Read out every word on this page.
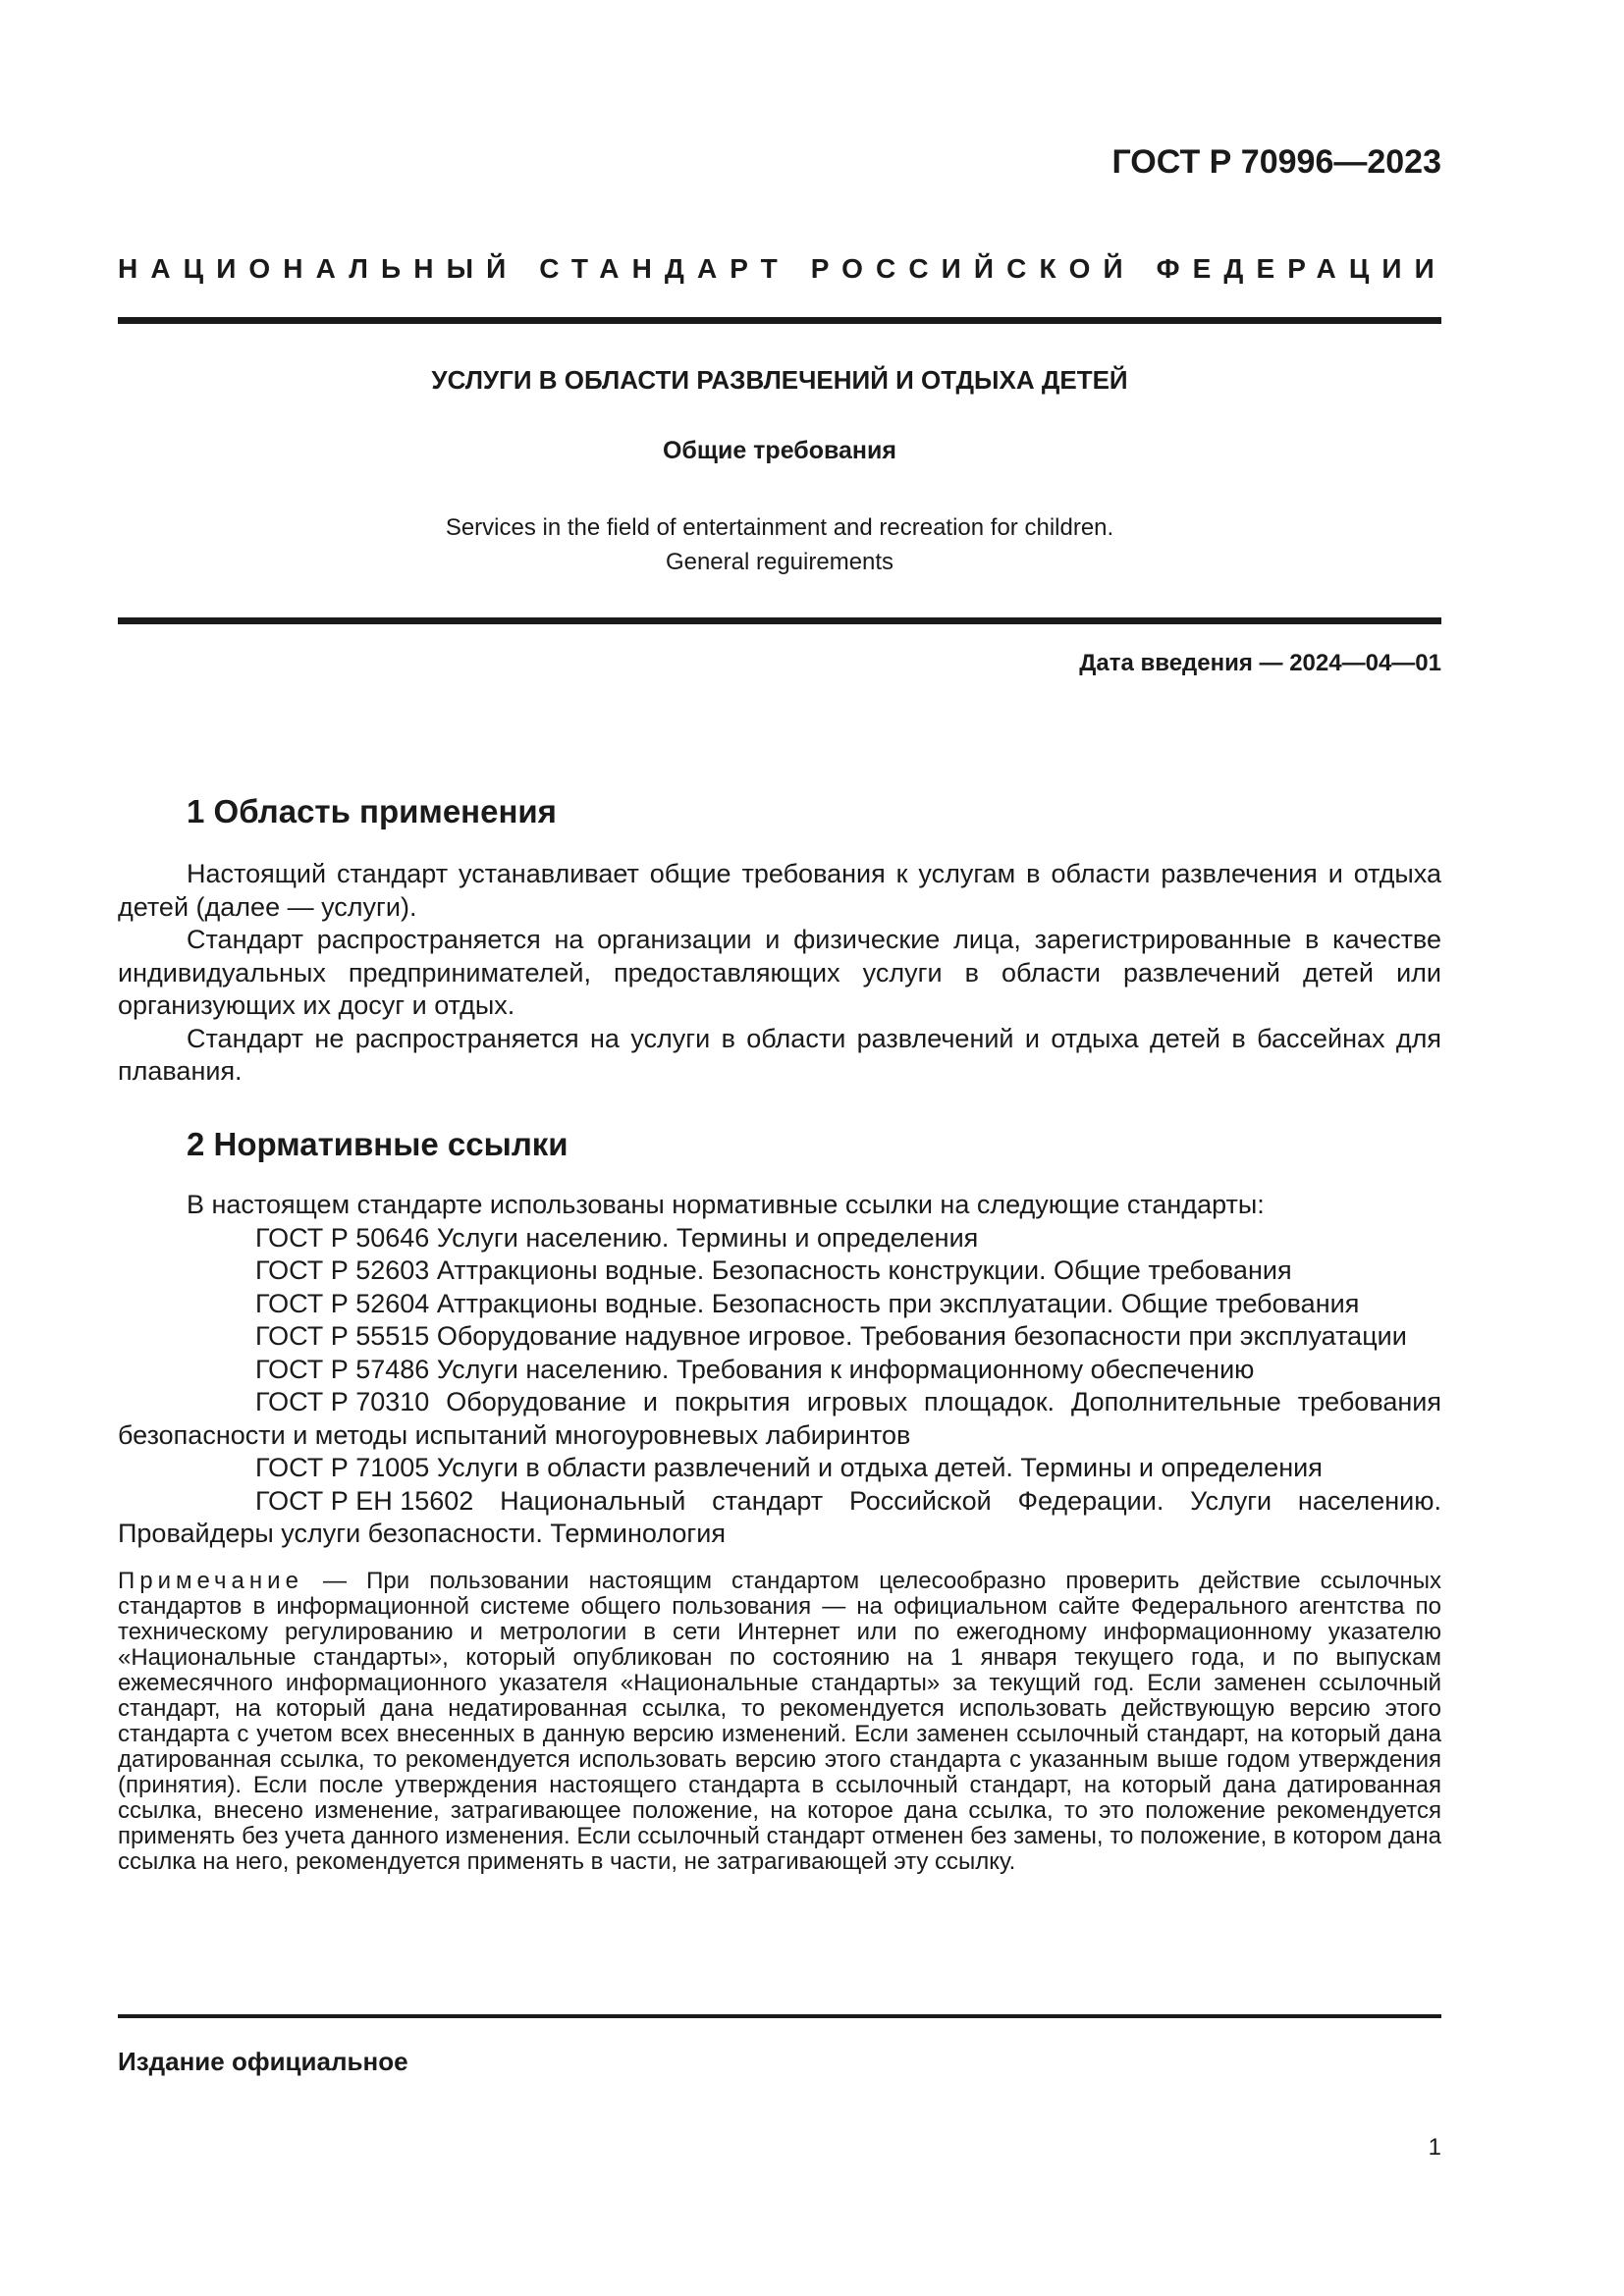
ГОСТ Р 70996—2023
НАЦИОНАЛЬНЫЙ СТАНДАРТ РОССИЙСКОЙ ФЕДЕРАЦИИ
УСЛУГИ В ОБЛАСТИ РАЗВЛЕЧЕНИЙ И ОТДЫХА ДЕТЕЙ
Общие требования
Services in the field of entertainment and recreation for children.
General reguirements
Дата введения — 2024—04—01
1 Область применения

Настоящий стандарт устанавливает общие требования к услугам в области развлечения и отдыха детей (далее — услуги).

Стандарт распространяется на организации и физические лица, зарегистрированные в качестве индивидуальных предпринимателей, предоставляющих услуги в области развлечений детей или организующих их досуг и отдых.

Стандарт не распространяется на услуги в области развлечений и отдыха детей в бассейнах для плавания.

2 Нормативные ссылки

В настоящем стандарте использованы нормативные ссылки на следующие стандарты:

ГОСТ Р 50646 Услуги населению. Термины и определения

ГОСТ Р 52603 Аттракционы водные. Безопасность конструкции. Общие требования

ГОСТ Р 52604 Аттракционы водные. Безопасность при эксплуатации. Общие требования

ГОСТ Р 55515 Оборудование надувное игровое. Требования безопасности при эксплуатации

ГОСТ Р 57486 Услуги населению. Требования к информационному обеспечению

ГОСТ Р 70310 Оборудование и покрытия игровых площадок. Дополнительные требования безопасности и методы испытаний многоуровневых лабиринтов

ГОСТ Р 71005 Услуги в области развлечений и отдыха детей. Термины и определения

ГОСТ Р ЕН 15602 Национальный стандарт Российской Федерации. Услуги населению. Провайдеры услуги безопасности. Терминология

Примечание — При пользовании настоящим стандартом целесообразно проверить действие ссылочных стандартов в информационной системе общего пользования — на официальном сайте Федерального агентства по техническому регулированию и метрологии в сети Интернет или по ежегодному информационному указателю «Национальные стандарты», который опубликован по состоянию на 1 января текущего года, и по выпускам ежемесячного информационного указателя «Национальные стандарты» за текущий год. Если заменен ссылочный стандарт, на который дана недатированная ссылка, то рекомендуется использовать действующую версию этого стандарта с учетом всех внесенных в данную версию изменений. Если заменен ссылочный стандарт, на который дана датированная ссылка, то рекомендуется использовать версию этого стандарта с указанным выше годом утверждения (принятия). Если после утверждения настоящего стандарта в ссылочный стандарт, на который дана датированная ссылка, внесено изменение, затрагивающее положение, на которое дана ссылка, то это положение рекомендуется применять без учета данного изменения. Если ссылочный стандарт отменен без замены, то положение, в котором дана ссылка на него, рекомендуется применять в части, не затрагивающей эту ссылку.

Издание официальное
1
